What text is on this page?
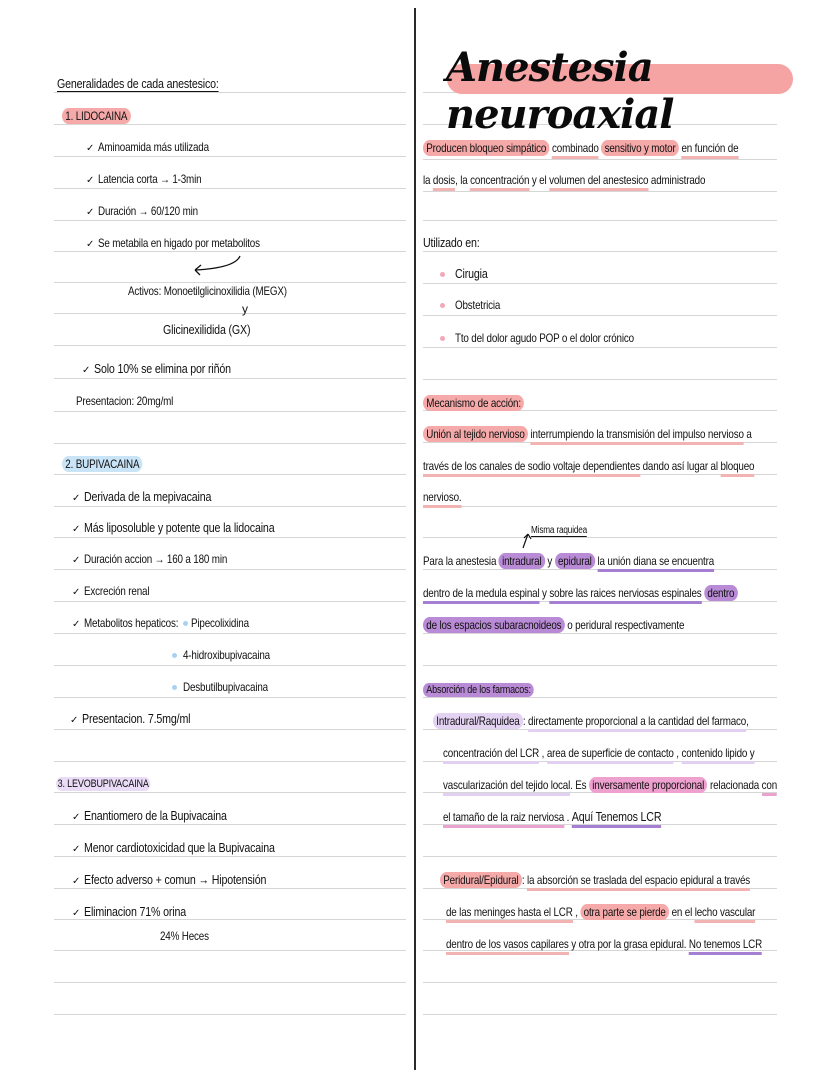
Generalidades de cada anestesico:
1. LIDOCAINA
✓ Aminoamida más utilizada
✓ Latencia corta → 1-3min
✓ Duración → 60/120 min
✓ Se metabila en higado por metabolitos
Activos: Monoetilglicinoxilidia (MEGX)
y
Glicinexilidida (GX)
✓ Solo 10% se elimina por riñón
Presentacion: 20mg/ml
2. BUPIVACAINA
✓ Derivada de la mepivacaina
✓ Más liposoluble y potente que la lidocaina
✓ Duración accion → 160 a 180 min
✓ Excreción renal
✓ Metabolitos hepaticos:	Pipecolixidina
4-hidroxibupivacaina
Desbutilbupivacaina
✓ Presentacion. 7.5mg/ml
3. LEVOBUPIVACAINA
✓ Enantiomero de la Bupivacaina
✓ Menor cardiotoxicidad que la Bupivacaina
✓ Efecto adverso + comun → Hipotensión
✓ Eliminacion 71% orina
24% Heces
Anestesia neuroaxial
Producen bloqueo simpático combinado sensitivo y motor en función de
la dosis, la concentración y el volumen del anestesico administrado
Utilizado en:
Cirugia
Obstetricia
Tto del dolor agudo POP o el dolor crónico
Mecanismo de acción:
Unión al tejido nervioso interrumpiendo la transmisión del impulso nervioso a
través de los canales de sodio voltaje dependientes dando así lugar al bloqueo
nervioso.
Misma raquidea
Para la anestesia intradural y epidural la unión diana se encuentra
dentro de la medula espinal y sobre las raices nerviosas espinales dentro
de los espacios subaracnoideos o peridural respectivamente
Absorción de los farmacos:
Intradural/Raquidea : directamente proporcional a la cantidad del farmaco,
concentración del LCR , area de superficie de contacto , contenido lipido y
vascularización del tejido local. Es inversamente proporcional relacionada con
el tamaño de la raiz nerviosa . Aquí Tenemos LCR
Peridural/Epidural : la absorción se traslada del espacio epidural a través
de las meninges hasta el LCR , otra parte se pierde en el lecho vascular
dentro de los vasos capilares y otra por la grasa epidural. No tenemos LCR
